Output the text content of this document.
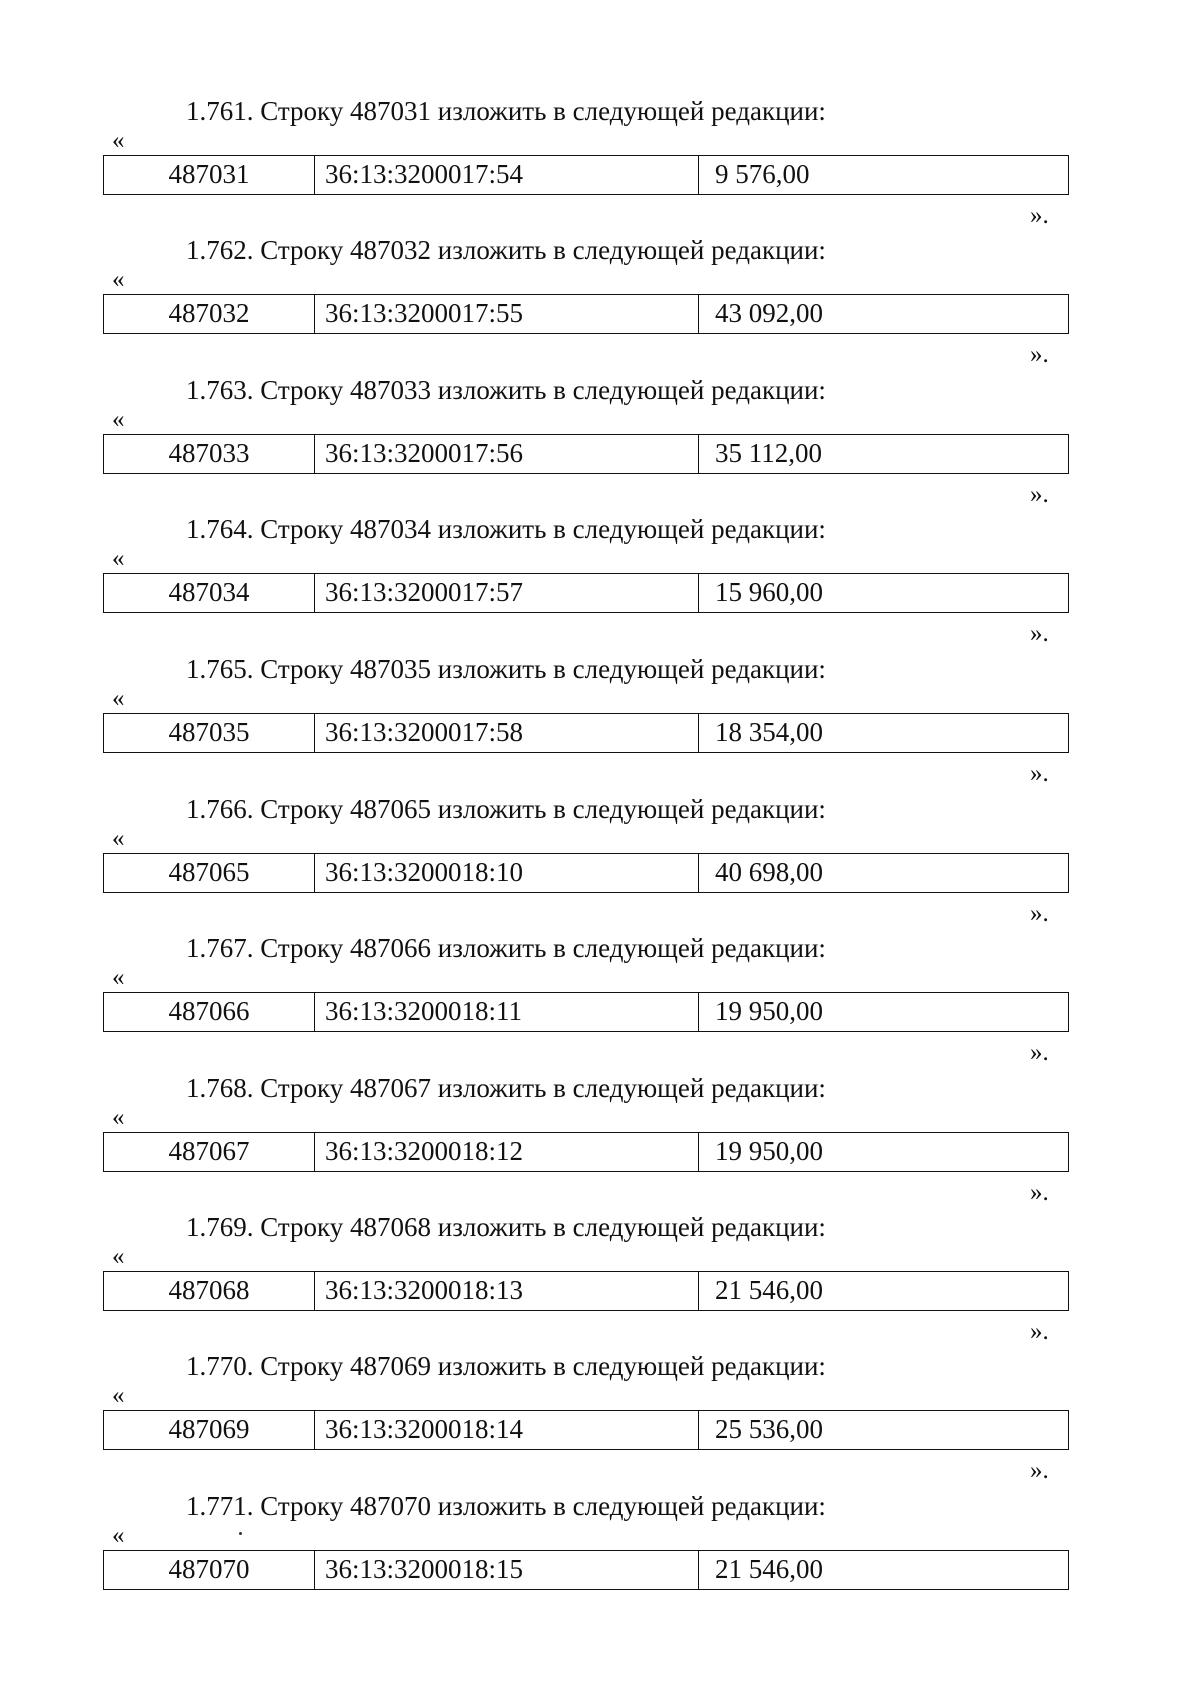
1.761. Строку 487031 изложить в следующей редакции:
«
487031	36:13:3200017:54	9 576,00
».
1.762. Строку 487032 изложить в следующей редакции:
«
487032	36:13:3200017:55	43 092,00
».
1.763. Строку 487033 изложить в следующей редакции:
«
487033	36:13:3200017:56	35 112,00
».
1.764. Строку 487034 изложить в следующей редакции:
«
487034	36:13:3200017:57	15 960,00
».
1.765. Строку 487035 изложить в следующей редакции:
«
487035	36:13:3200017:58	18 354,00
».
1.766. Строку 487065 изложить в следующей редакции:
«
487065	36:13:3200018:10	40 698,00
».
1.767. Строку 487066 изложить в следующей редакции:
«
487066	36:13:3200018:11	19 950,00
».
1.768. Строку 487067 изложить в следующей редакции:
«
487067	36:13:3200018:12	19 950,00
».
1.769. Строку 487068 изложить в следующей редакции:
«
487068	36:13:3200018:13	21 546,00
».
1.770. Строку 487069 изложить в следующей редакции:
«
487069	36:13:3200018:14	25 536,00
».
1.771. Строку 487070 изложить в следующей редакции:
«
487070	36:13:3200018:15	21 546,00
